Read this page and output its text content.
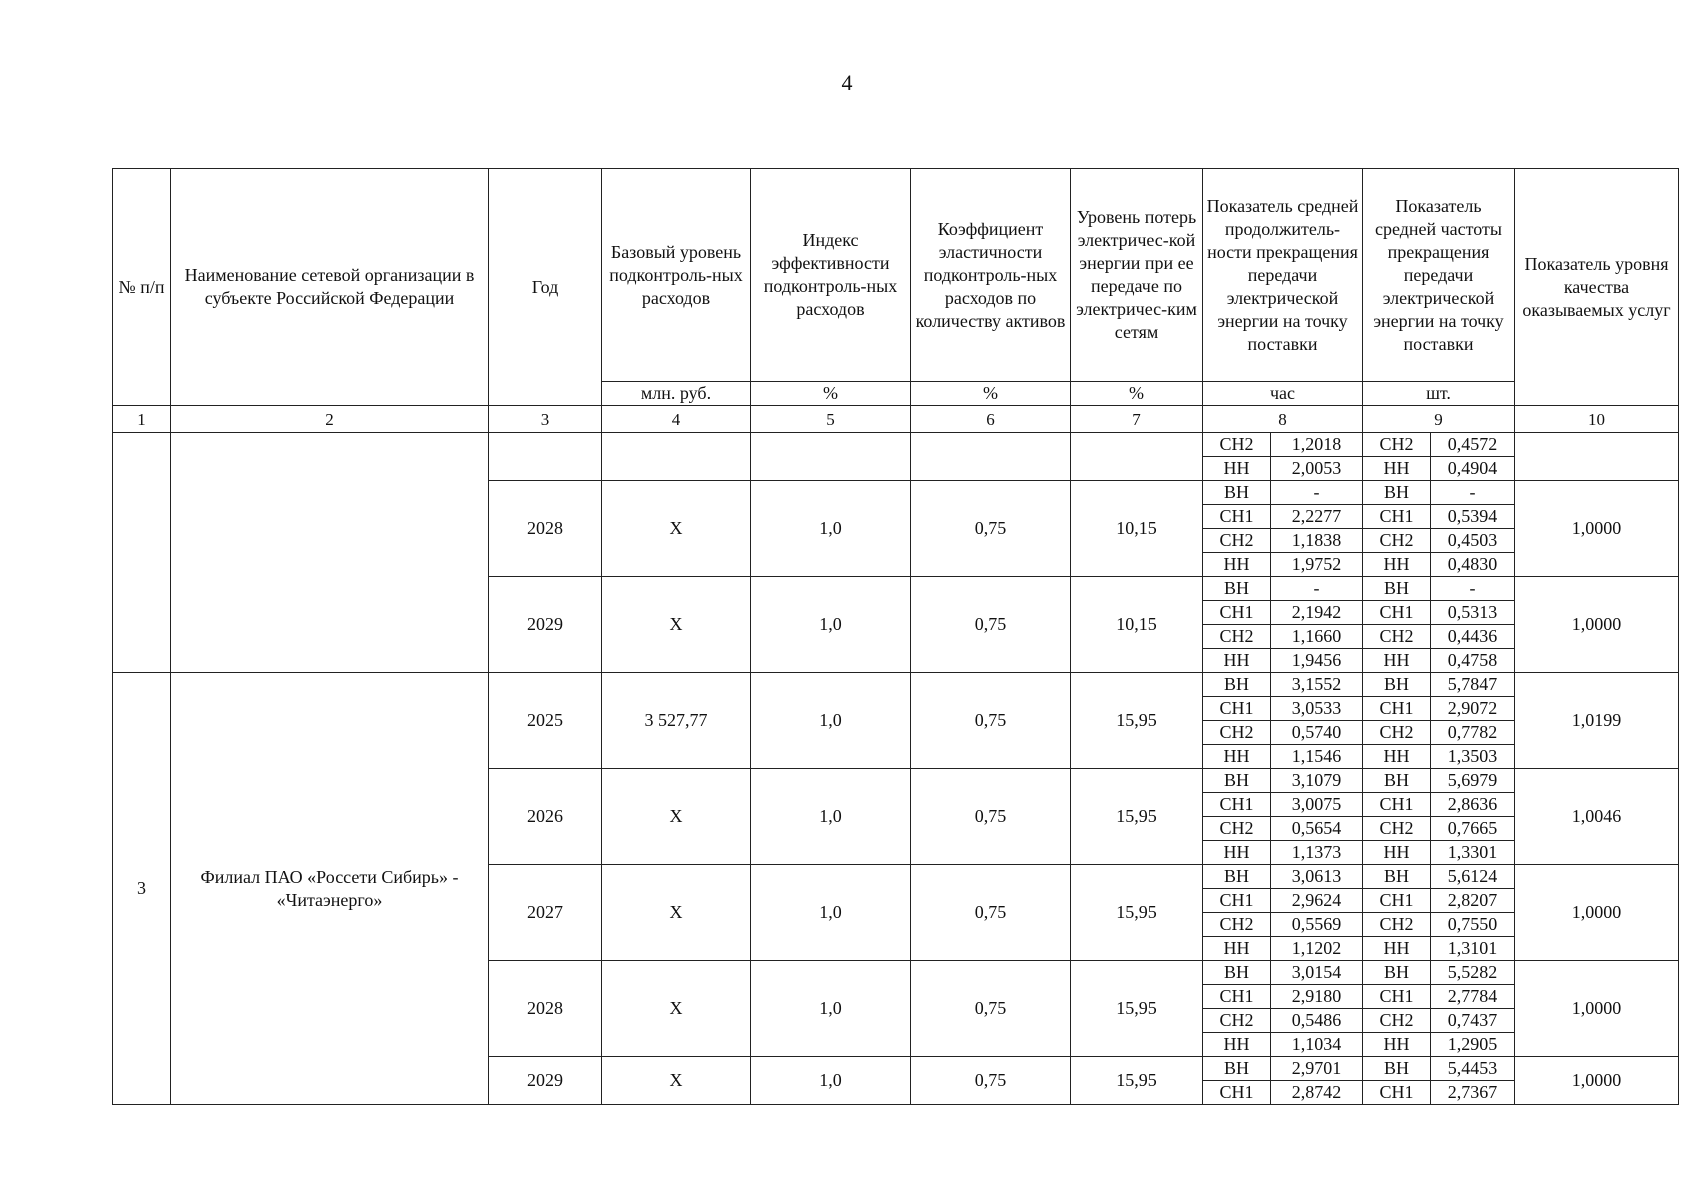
4
№ п/п	Наименование сетевой организации в субъекте Российской Федерации	Год	Базовый уровень подконтроль-ных расходов	Индекс эффективности подконтроль-ных расходов	Коэффициент эластичности подконтроль-ных расходов по количеству активов	Уровень потерь электричес-кой энергии при ее передаче по электричес-ким сетям	Показатель средней продолжитель-ности прекращения передачи электрической энергии на точку поставки		Показатель средней частоты прекращения передачи электрической энергии на точку поставки		Показатель уровня качества оказываемых услуг
			млн. руб.	%	%	%	час		шт.		
1	2	3	4	5	6	7	8		9		10
							СН2	1,2018	СН2	0,4572	
							НН	2,0053	НН	0,4904	
		2028	X	1,0	0,75	10,15	ВН	-	ВН	-	1,0000
							СН1	2,2277	СН1	0,5394	
							СН2	1,1838	СН2	0,4503	
							НН	1,9752	НН	0,4830	
		2029	X	1,0	0,75	10,15	ВН	-	ВН	-	1,0000
							СН1	2,1942	СН1	0,5313	
							СН2	1,1660	СН2	0,4436	
							НН	1,9456	НН	0,4758	
3	Филиал ПАО «Россети Сибирь» - «Читаэнерго»	2025	3 527,77	1,0	0,75	15,95	ВН	3,1552	ВН	5,7847	1,0199
							СН1	3,0533	СН1	2,9072	
							СН2	0,5740	СН2	0,7782	
							НН	1,1546	НН	1,3503	
		2026	X	1,0	0,75	15,95	ВН	3,1079	ВН	5,6979	1,0046
							СН1	3,0075	СН1	2,8636	
							СН2	0,5654	СН2	0,7665	
							НН	1,1373	НН	1,3301	
		2027	X	1,0	0,75	15,95	ВН	3,0613	ВН	5,6124	1,0000
							СН1	2,9624	СН1	2,8207	
							СН2	0,5569	СН2	0,7550	
							НН	1,1202	НН	1,3101	
		2028	X	1,0	0,75	15,95	ВН	3,0154	ВН	5,5282	1,0000
							СН1	2,9180	СН1	2,7784	
							СН2	0,5486	СН2	0,7437	
							НН	1,1034	НН	1,2905	
		2029	X	1,0	0,75	15,95	ВН	2,9701	ВН	5,4453	1,0000
							СН1	2,8742	СН1	2,7367	
